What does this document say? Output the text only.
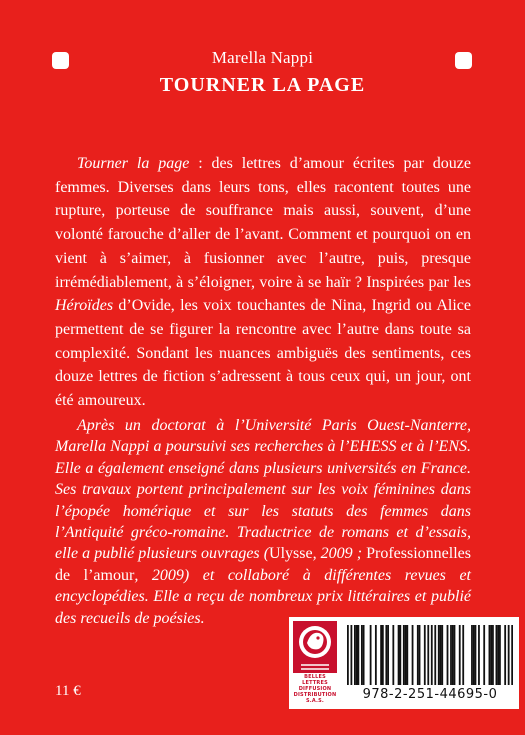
Marella Nappi
TOURNER LA PAGE

Tourner la page : des lettres d’amour écrites par douze femmes. Diverses dans leurs tons, elles racontent toutes une rupture, porteuse de souffrance mais aussi, souvent, d’une volonté farouche d’aller de l’avant. Comment et pourquoi on en vient à s’aimer, à fusionner avec l’autre, puis, presque irrémédiablement, à s’éloigner, voire à se haïr ? Inspirées par les Héroïdes d’Ovide, les voix touchantes de Nina, Ingrid ou Alice permettent de se figurer la rencontre avec l’autre dans toute sa complexité. Sondant les nuances ambiguës des sentiments, ces douze lettres de fiction s’adressent à tous ceux qui, un jour, ont été amoureux.

Après un doctorat à l’Université Paris Ouest-Nanterre, Marella Nappi a poursuivi ses recherches à l’EHESS et à l’ENS. Elle a également enseigné dans plusieurs universités en France. Ses travaux portent principalement sur les voix féminines dans l’épopée homérique et sur les statuts des femmes dans l’Antiquité gréco-romaine. Traductrice de romans et d’essais, elle a publié plusieurs ouvrages (Ulysse, 2009 ; Professionnelles de l’amour, 2009) et collaboré à différentes revues et encyclopédies. Elle a reçu de nombreux prix littéraires et publié des recueils de poésies.

11 €
BELLES LETTRES
DIFFUSION
DISTRIBUTION
S.A.S.	978-2-251-44695-0
